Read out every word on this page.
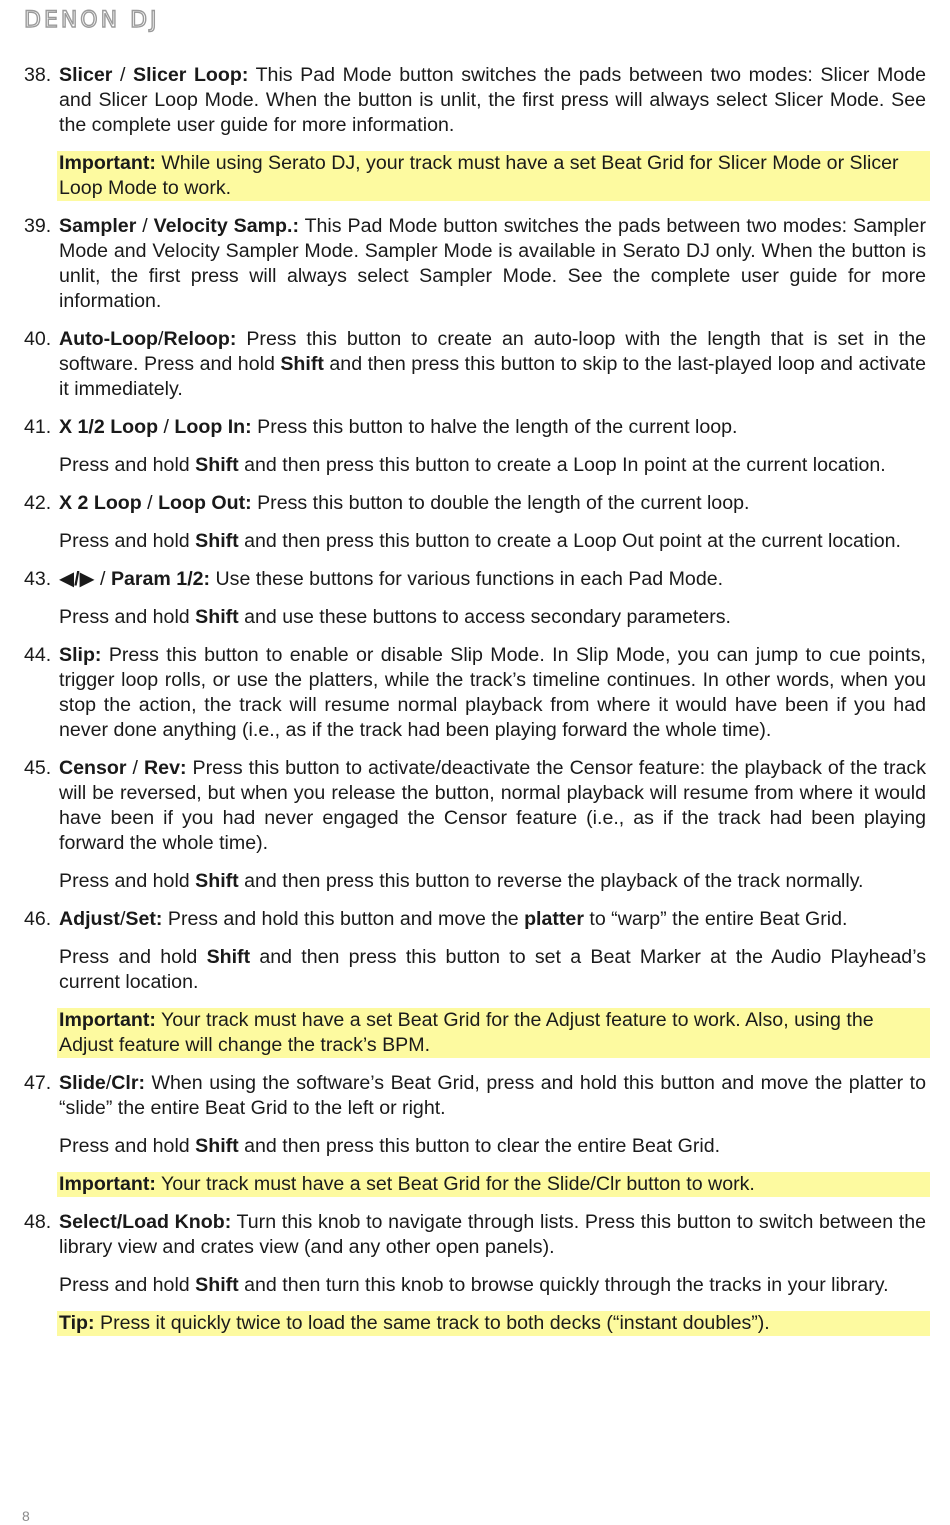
DENON DJ
38. Slicer / Slicer Loop: This Pad Mode button switches the pads between two modes: Slicer Mode and Slicer Loop Mode. When the button is unlit, the first press will always select Slicer Mode. See the complete user guide for more information.
Important: While using Serato DJ, your track must have a set Beat Grid for Slicer Mode or Slicer Loop Mode to work.
39. Sampler / Velocity Samp.: This Pad Mode button switches the pads between two modes: Sampler Mode and Velocity Sampler Mode. Sampler Mode is available in Serato DJ only. When the button is unlit, the first press will always select Sampler Mode. See the complete user guide for more information.
40. Auto-Loop/Reloop: Press this button to create an auto-loop with the length that is set in the software. Press and hold Shift and then press this button to skip to the last-played loop and activate it immediately.
41. X 1/2 Loop / Loop In: Press this button to halve the length of the current loop.
Press and hold Shift and then press this button to create a Loop In point at the current location.
42. X 2 Loop / Loop Out: Press this button to double the length of the current loop.
Press and hold Shift and then press this button to create a Loop Out point at the current location.
43. ◀/▶ / Param 1/2: Use these buttons for various functions in each Pad Mode.
Press and hold Shift and use these buttons to access secondary parameters.
44. Slip: Press this button to enable or disable Slip Mode. In Slip Mode, you can jump to cue points, trigger loop rolls, or use the platters, while the track’s timeline continues. In other words, when you stop the action, the track will resume normal playback from where it would have been if you had never done anything (i.e., as if the track had been playing forward the whole time).
45. Censor / Rev: Press this button to activate/deactivate the Censor feature: the playback of the track will be reversed, but when you release the button, normal playback will resume from where it would have been if you had never engaged the Censor feature (i.e., as if the track had been playing forward the whole time).
Press and hold Shift and then press this button to reverse the playback of the track normally.
46. Adjust/Set: Press and hold this button and move the platter to “warp” the entire Beat Grid.
Press and hold Shift and then press this button to set a Beat Marker at the Audio Playhead’s current location.
Important: Your track must have a set Beat Grid for the Adjust feature to work. Also, using the Adjust feature will change the track’s BPM.
47. Slide/Clr: When using the software’s Beat Grid, press and hold this button and move the platter to “slide” the entire Beat Grid to the left or right.
Press and hold Shift and then press this button to clear the entire Beat Grid.
Important: Your track must have a set Beat Grid for the Slide/Clr button to work.
48. Select/Load Knob: Turn this knob to navigate through lists. Press this button to switch between the library view and crates view (and any other open panels).
Press and hold Shift and then turn this knob to browse quickly through the tracks in your library.
Tip: Press it quickly twice to load the same track to both decks (“instant doubles”).
8
